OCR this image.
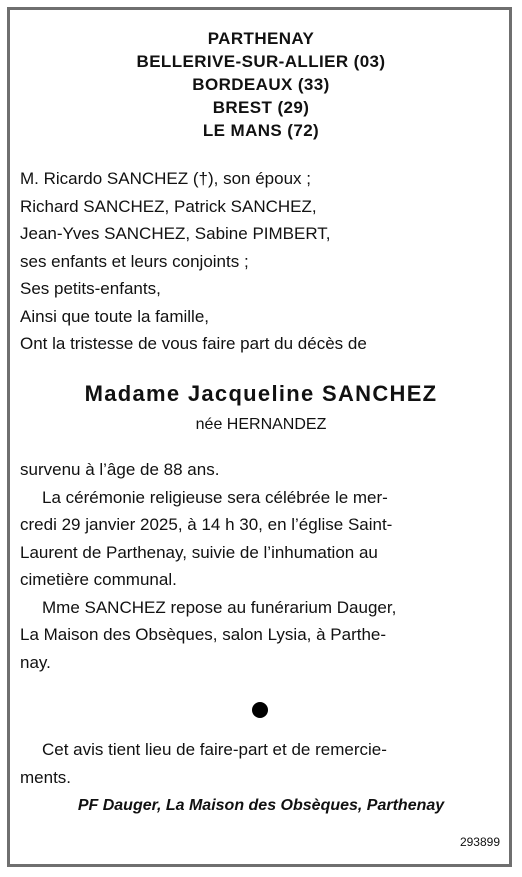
PARTHENAY
BELLERIVE-SUR-ALLIER (03)
BORDEAUX (33)
BREST (29)
LE MANS (72)
M. Ricardo SANCHEZ (†), son époux ;
Richard SANCHEZ, Patrick SANCHEZ,
Jean-Yves SANCHEZ, Sabine PIMBERT,
ses enfants et leurs conjoints ;
Ses petits-enfants,
Ainsi que toute la famille,
Ont la tristesse de vous faire part du décès de
Madame Jacqueline SANCHEZ
née HERNANDEZ
survenu à l’âge de 88 ans.
La cérémonie religieuse sera célébrée le mer-
credi 29 janvier 2025, à 14 h 30, en l’église Saint-
Laurent de Parthenay, suivie de l’inhumation au
cimetière communal.
Mme SANCHEZ repose au funérarium Dauger,
La Maison des Obsèques, salon Lysia, à Parthe-
nay.
Cet avis tient lieu de faire-part et de remercie-
ments.
PF Dauger, La Maison des Obsèques, Parthenay
293899
